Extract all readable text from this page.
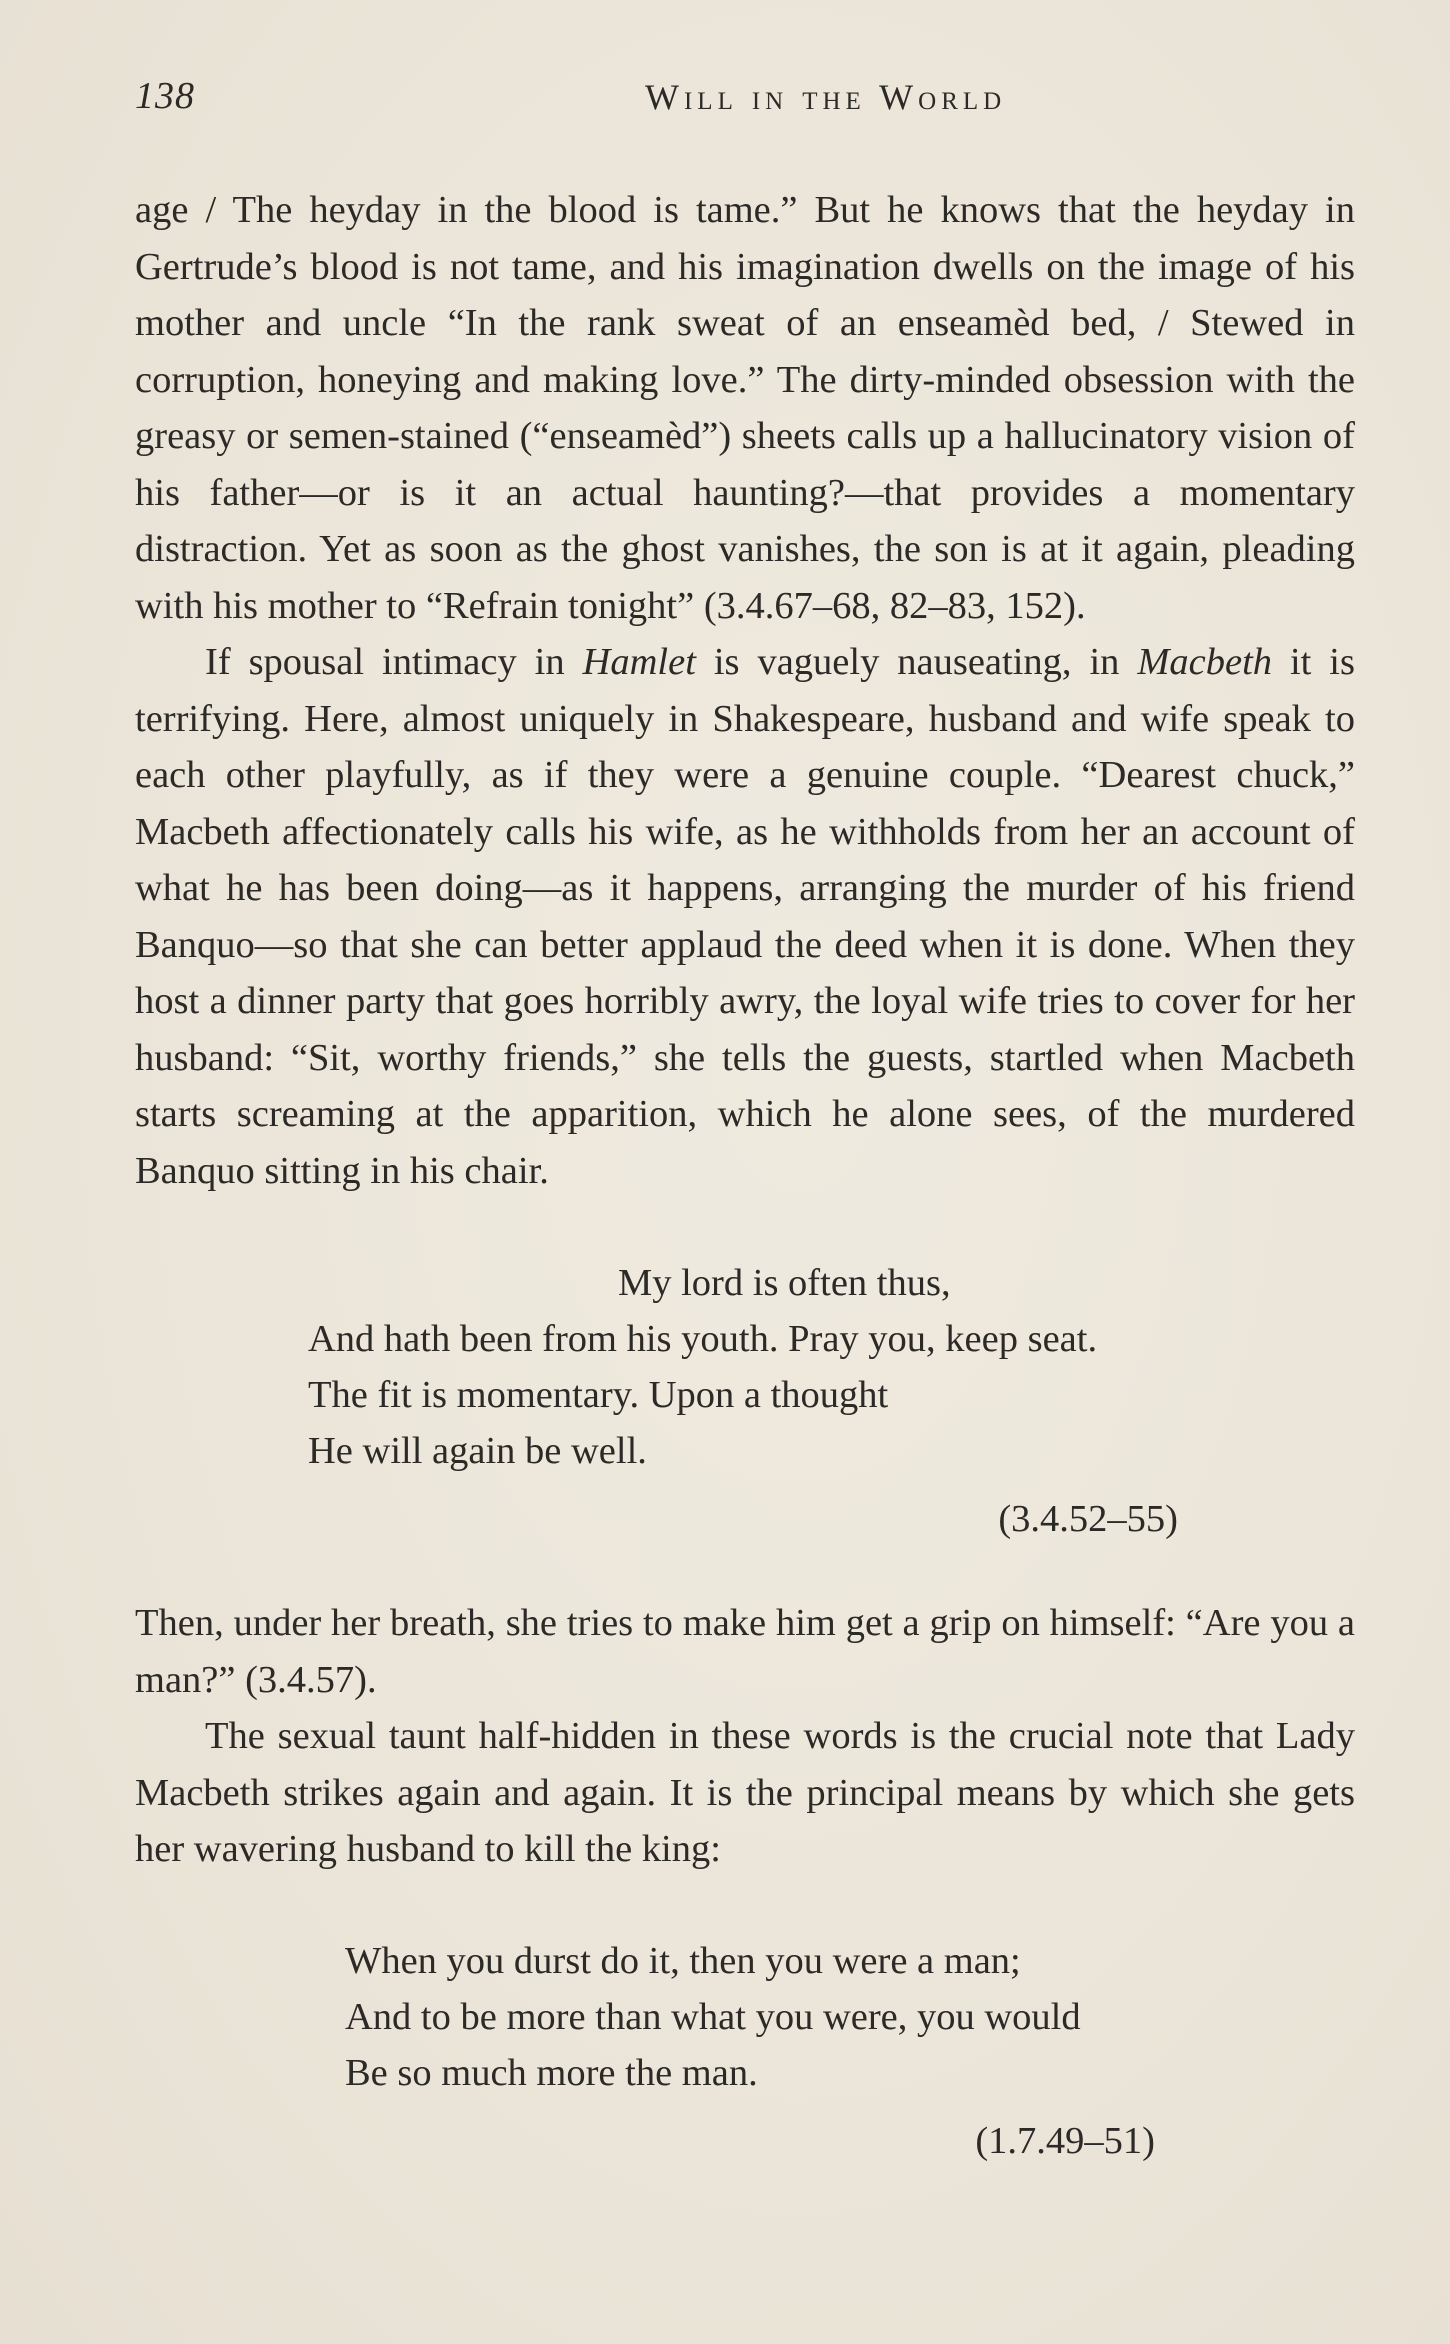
138	Will in the World

age / The heyday in the blood is tame.” But he knows that the heyday in Gertrude’s blood is not tame, and his imagination dwells on the image of his mother and uncle “In the rank sweat of an enseamèd bed, / Stewed in corruption, honeying and making love.” The dirty-minded obsession with the greasy or semen-stained (“enseamèd”) sheets calls up a hallucinatory vision of his father—or is it an actual haunting?—that provides a momentary distraction. Yet as soon as the ghost vanishes, the son is at it again, pleading with his mother to “Refrain tonight” (3.4.67–68, 82–83, 152).

If spousal intimacy in Hamlet is vaguely nauseating, in Macbeth it is terrifying. Here, almost uniquely in Shakespeare, husband and wife speak to each other playfully, as if they were a genuine couple. “Dearest chuck,” Macbeth affectionately calls his wife, as he withholds from her an account of what he has been doing—as it happens, arranging the murder of his friend Banquo—so that she can better applaud the deed when it is done. When they host a dinner party that goes horribly awry, the loyal wife tries to cover for her husband: “Sit, worthy friends,” she tells the guests, startled when Macbeth starts screaming at the apparition, which he alone sees, of the murdered Banquo sitting in his chair.

My lord is often thus,
And hath been from his youth. Pray you, keep seat.
The fit is momentary. Upon a thought
He will again be well.
(3.4.52–55)

Then, under her breath, she tries to make him get a grip on himself: “Are you a man?” (3.4.57).

The sexual taunt half-hidden in these words is the crucial note that Lady Macbeth strikes again and again. It is the principal means by which she gets her wavering husband to kill the king:

When you durst do it, then you were a man;
And to be more than what you were, you would
Be so much more the man.
(1.7.49–51)
